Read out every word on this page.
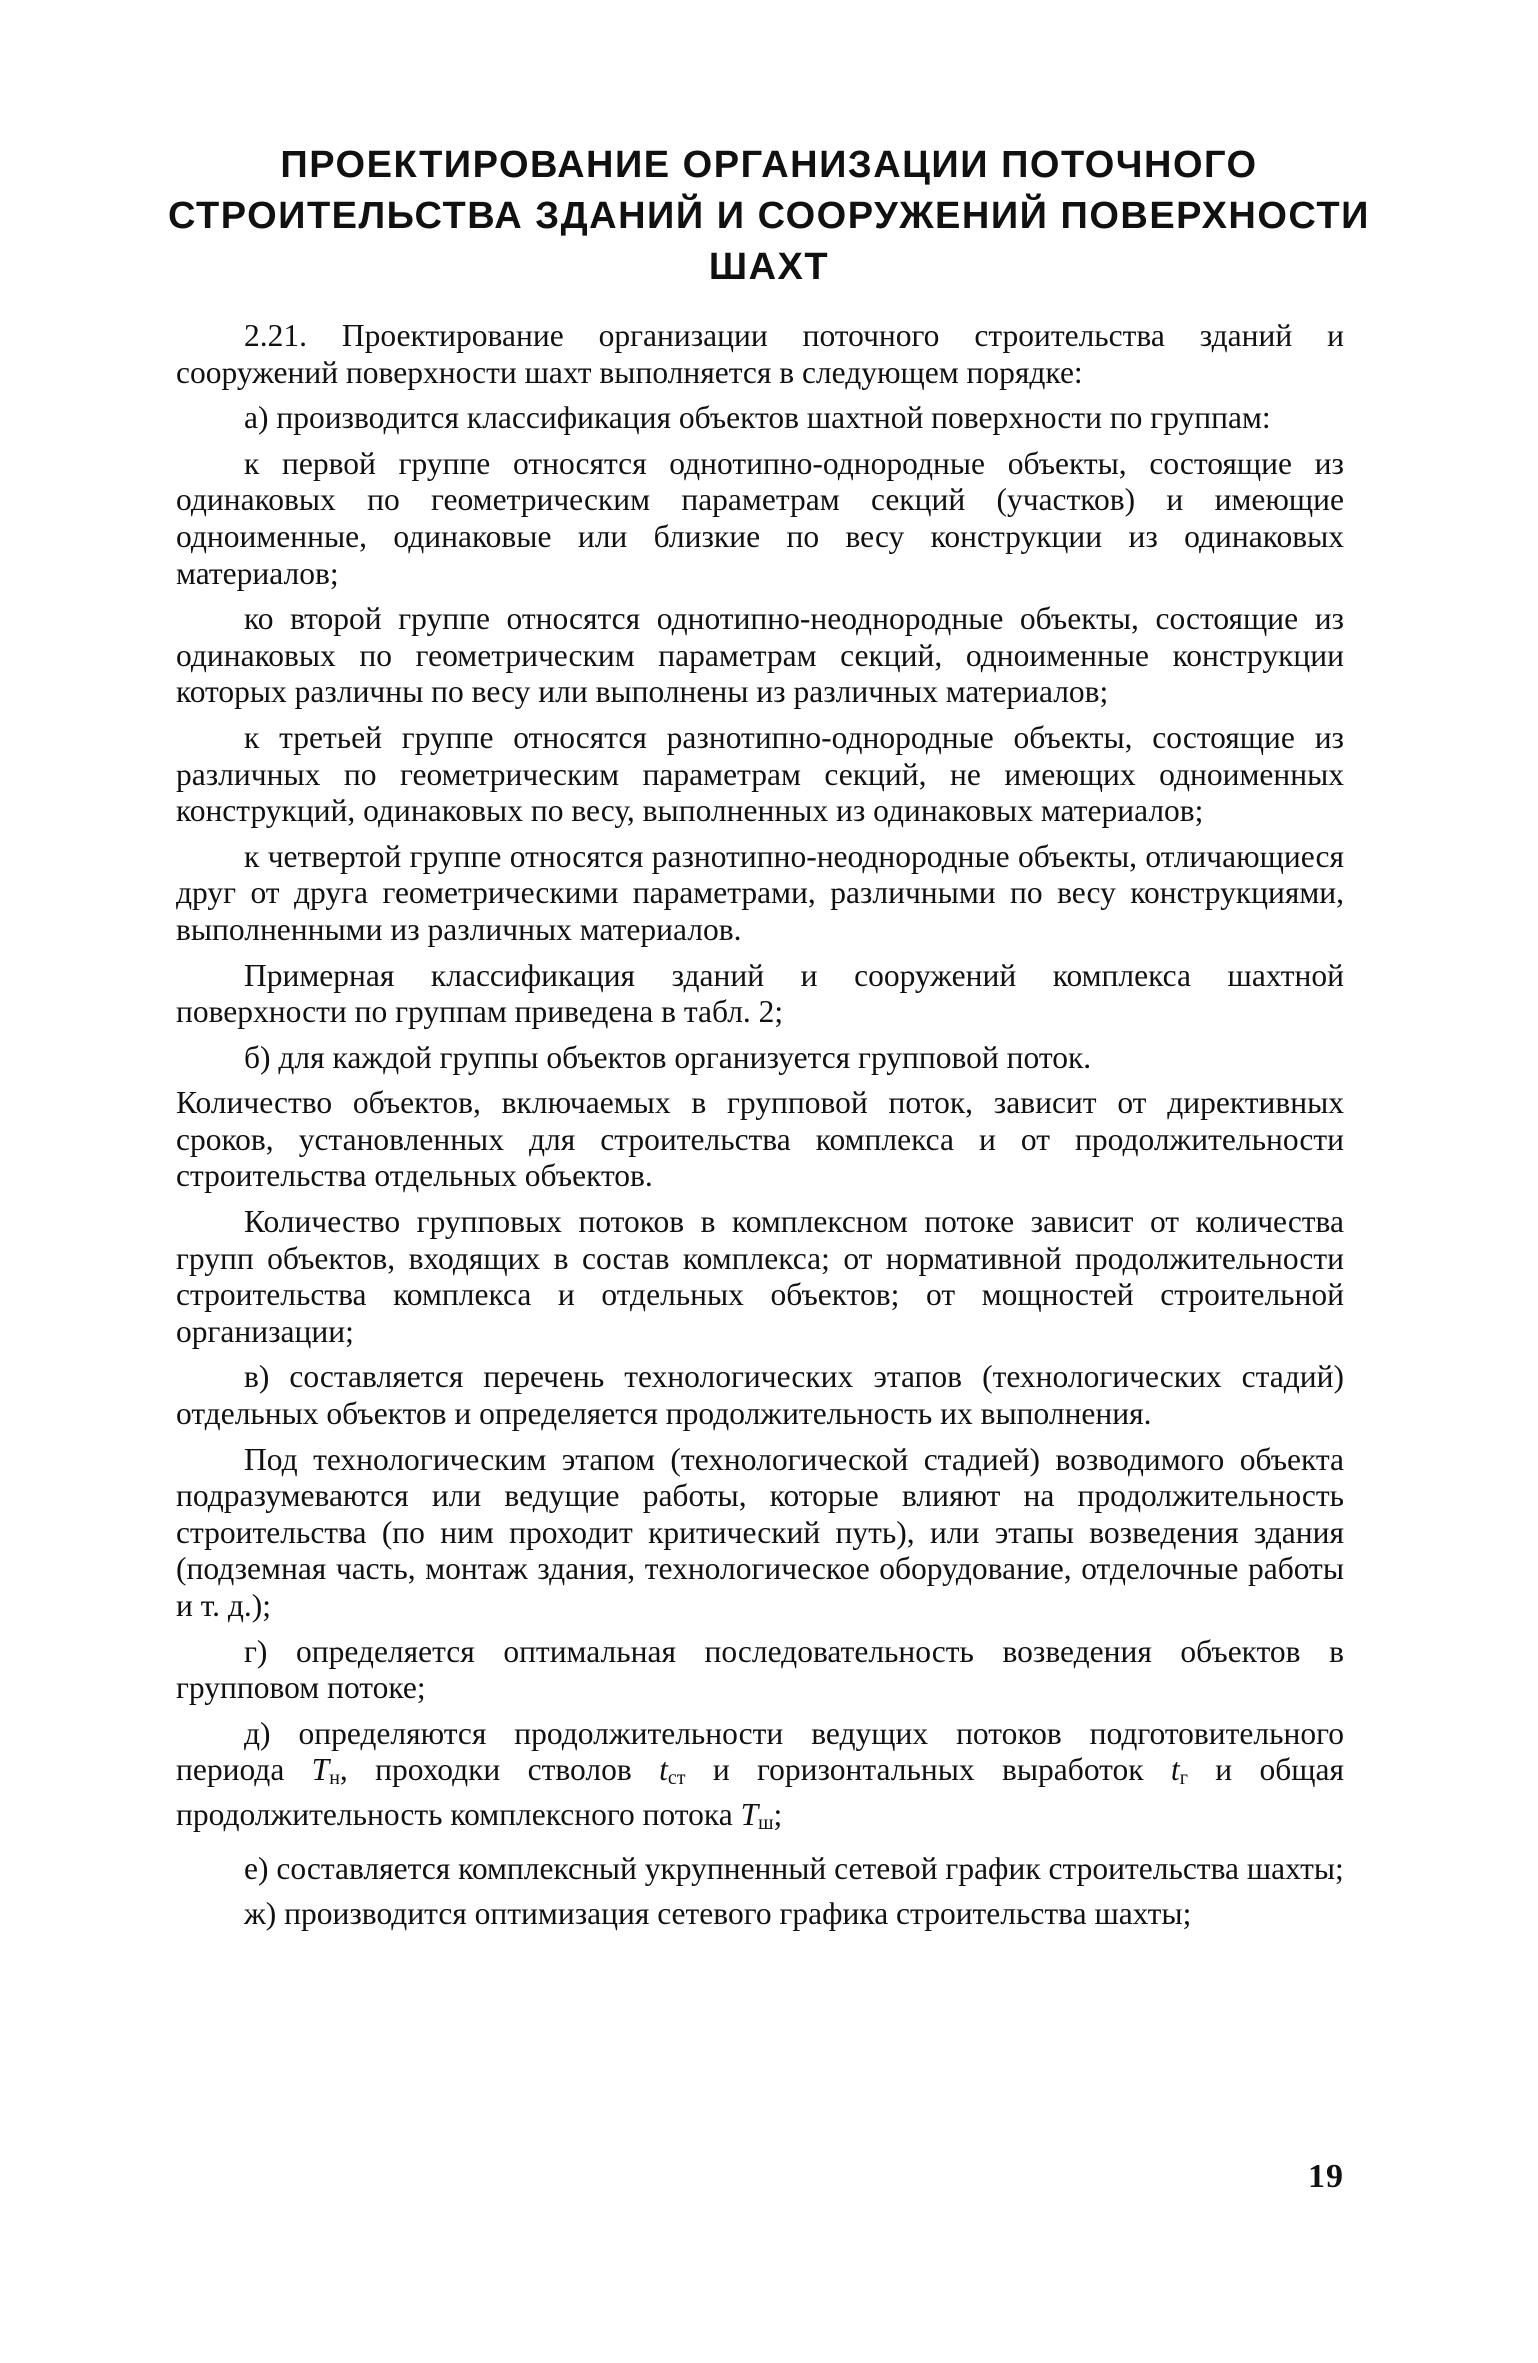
ПРОЕКТИРОВАНИЕ ОРГАНИЗАЦИИ ПОТОЧНОГО
СТРОИТЕЛЬСТВА ЗДАНИЙ И СООРУЖЕНИЙ ПОВЕРХНОСТИ
ШАХТ

2.21. Проектирование организации поточного строительства зданий и сооружений поверхности шахт выполняется в следующем порядке:

а) производится классификация объектов шахтной поверхности по группам:

к первой группе относятся однотипно-однородные объекты, состоящие из одинаковых по геометрическим параметрам секций (участков) и имеющие одноименные, одинаковые или близкие по весу конструкции из одинаковых материалов;

ко второй группе относятся однотипно-неоднородные объекты, состоящие из одинаковых по геометрическим параметрам секций, одноименные конструкции которых различны по весу или выполнены из различных материалов;

к третьей группе относятся разнотипно-однородные объекты, состоящие из различных по геометрическим параметрам секций, не имеющих одноименных конструкций, одинаковых по весу, выполненных из одинаковых материалов;

к четвертой группе относятся разнотипно-неоднородные объекты, отличающиеся друг от друга геометрическими параметрами, различными по весу конструкциями, выполненными из различных материалов.

Примерная классификация зданий и сооружений комплекса шахтной поверхности по группам приведена в табл. 2;

б) для каждой группы объектов организуется групповой поток.

Количество объектов, включаемых в групповой поток, зависит от директивных сроков, установленных для строительства комплекса и от продолжительности строительства отдельных объектов.

Количество групповых потоков в комплексном потоке зависит от количества групп объектов, входящих в состав комплекса; от нормативной продолжительности строительства комплекса и отдельных объектов; от мощностей строительной организации;

в) составляется перечень технологических этапов (технологических стадий) отдельных объектов и определяется продолжительность их выполнения.

Под технологическим этапом (технологической стадией) возводимого объекта подразумеваются или ведущие работы, которые влияют на продолжительность строительства (по ним проходит критический путь), или этапы возведения здания (подземная часть, монтаж здания, технологическое оборудование, отделочные работы и т. д.);

г) определяется оптимальная последовательность возведения объектов в групповом потоке;

д) определяются продолжительности ведущих потоков подготовительного периода $T_н$, проходки стволов $t_{ст}$ и горизонтальных выработок $t_г$ и общая продолжительность комплексного потока $T_ш$;

е) составляется комплексный укрупненный сетевой график строительства шахты;

ж) производится оптимизация сетевого графика строительства шахты;

19
